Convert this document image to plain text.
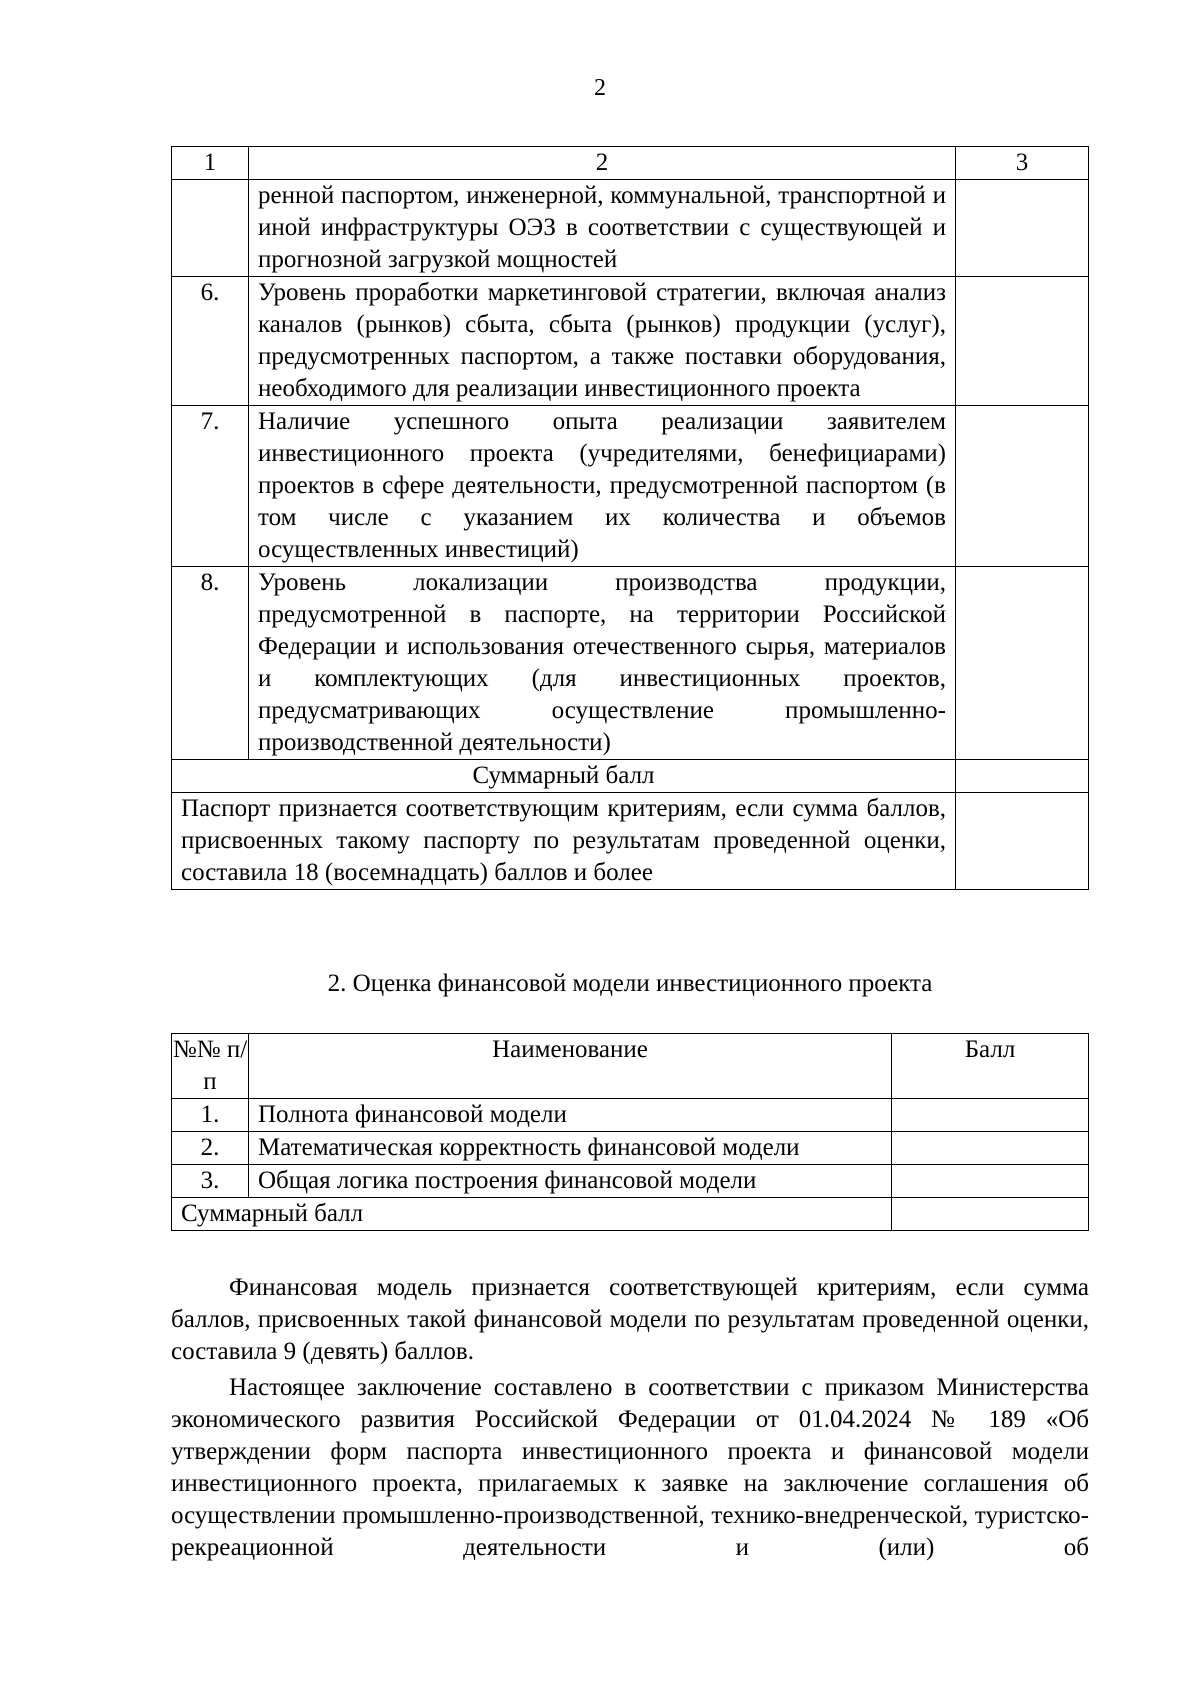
2
1	2	3
	ренной паспортом, инженерной, коммунальной, транспортной и иной инфраструктуры ОЭЗ в соответствии с существующей и прогнозной загрузкой мощностей	
6.	Уровень проработки маркетинговой стратегии, включая анализ каналов (рынков) сбыта, сбыта (рынков) продукции (услуг), предусмотренных паспортом, а также поставки оборудования, необходимого для реализации инвестиционного проекта	
7.	Наличие успешного опыта реализации заявителем инвестиционного проекта (учредителями, бенефициарами) проектов в сфере деятельности, предусмотренной паспортом (в том числе с указанием их количества и объемов осуществленных инвестиций)	
8.	Уровень локализации производства продукции, предусмотренной в паспорте, на территории Российской Федерации и использования отечественного сырья, материалов и комплектующих (для инвестиционных проектов, предусматривающих осуществление промышленно-производственной деятельности)	
Суммарный балл		
Паспорт признается соответствующим критериям, если сумма баллов, присвоенных такому паспорту по результатам проведенной оценки, составила 18 (восемнадцать) баллов и более		
2. Оценка финансовой модели инвестиционного проекта
№№ п/п	Наименование	Балл
1.	Полнота финансовой модели	
2.	Математическая корректность финансовой модели	
3.	Общая логика построения финансовой модели	
Суммарный балл		
Финансовая модель признается соответствующей критериям, если сумма баллов, присвоенных такой финансовой модели по результатам проведенной оценки, составила 9 (девять) баллов.
Настоящее заключение составлено в соответствии с приказом Министерства экономического развития Российской Федерации от 01.04.2024 № 189 «Об утверждении форм паспорта инвестиционного проекта и финансовой модели инвестиционного проекта, прилагаемых к заявке на заключение соглашения об осуществлении промышленно-производственной, технико-внедренческой, туристско-рекреационной деятельности и (или) об
